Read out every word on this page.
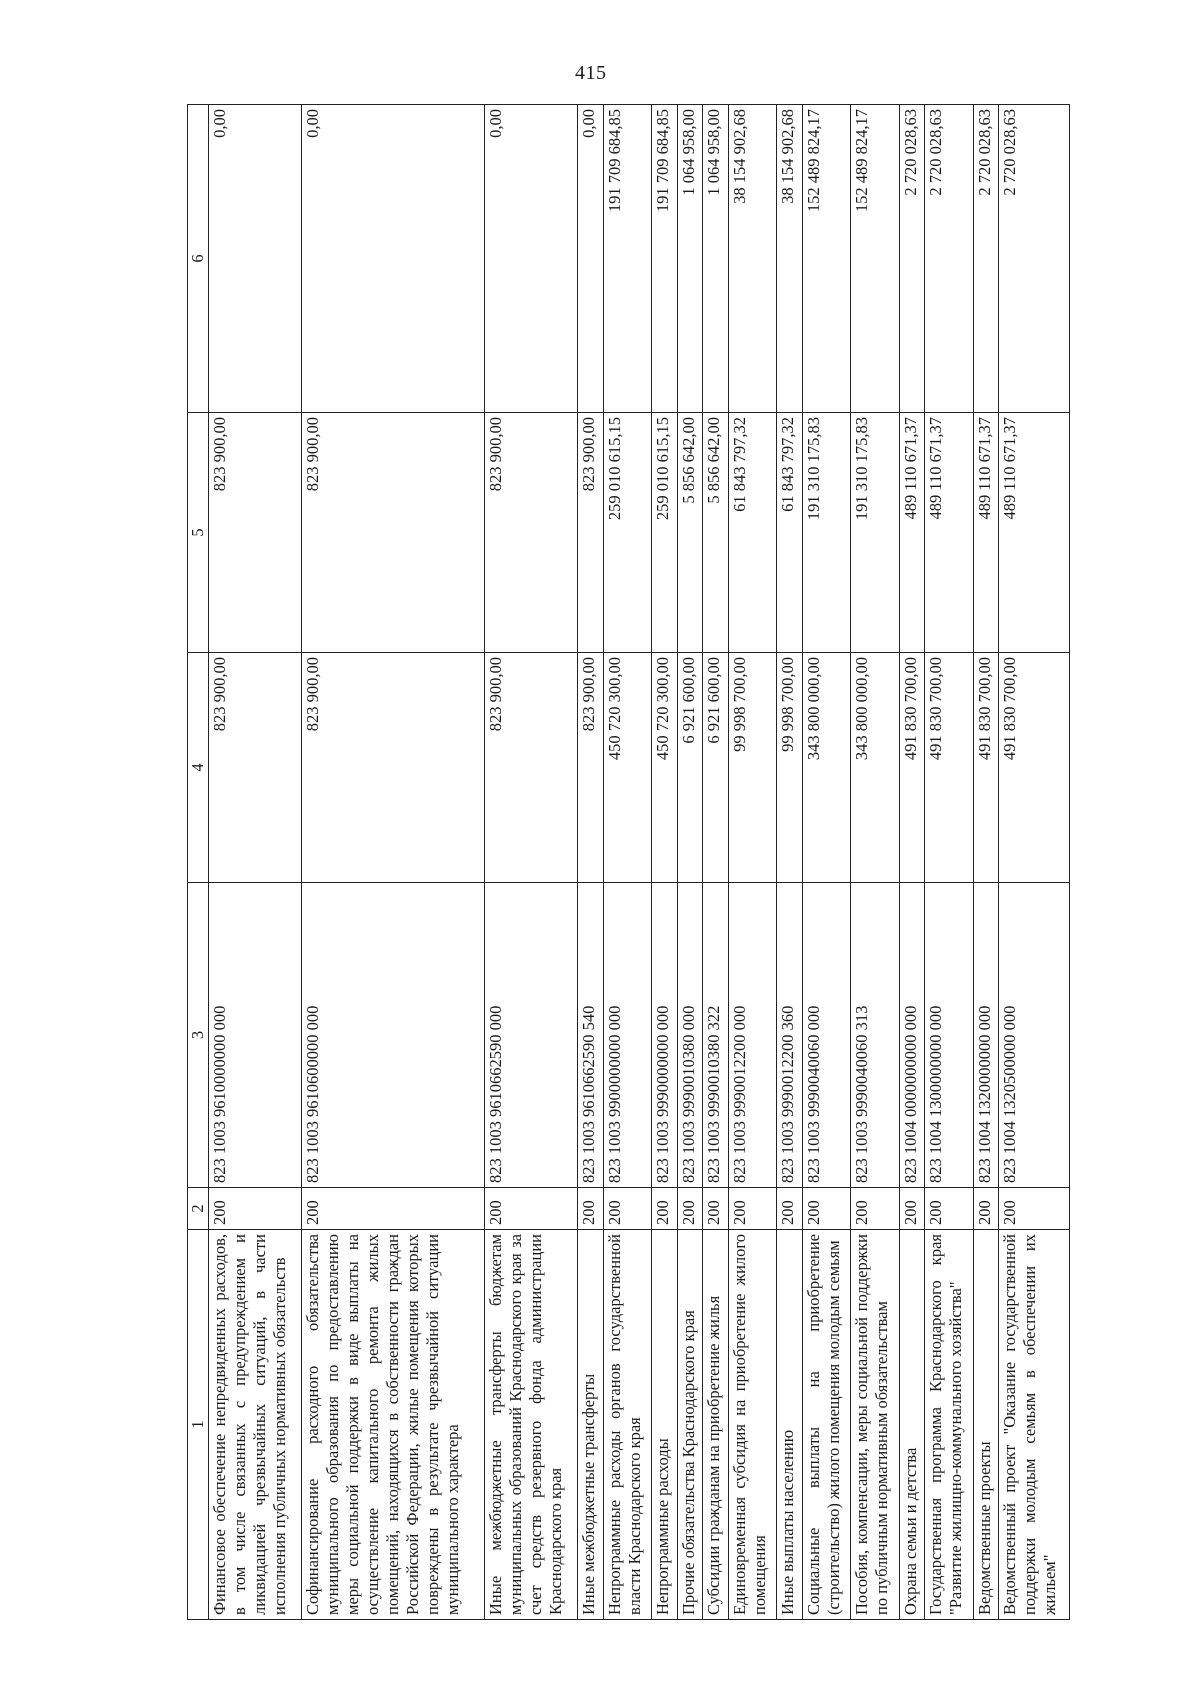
415
1	2	3	4	5	6
Финансовое обеспечение непредвиденных расходов, в том числе связанных с предупреждением и ликвидацией чрезвычайных ситуаций, в части исполнения публичных нормативных обязательств	200	823 1003 9610000000 000	823 900,00	823 900,00	0,00
Софинансирование расходного обязательства муниципального образования по предоставлению меры социальной поддержки в виде выплаты на осуществление капитального ремонта жилых помещений, находящихся в собственности граждан Российской Федерации, жилые помещения которых повреждены в результате чрезвычайной ситуации муниципального характера	200	823 1003 9610600000 000	823 900,00	823 900,00	0,00
Иные межбюджетные трансферты бюджетам муниципальных образований Краснодарского края за счет средств резервного фонда администрации Краснодарского края	200	823 1003 9610662590 000	823 900,00	823 900,00	0,00
Иные межбюджетные трансферты	200	823 1003 9610662590 540	823 900,00	823 900,00	0,00
Непрограммные расходы органов государственной власти Краснодарского края	200	823 1003 9900000000 000	450 720 300,00	259 010 615,15	191 709 684,85
Непрограммные расходы	200	823 1003 9990000000 000	450 720 300,00	259 010 615,15	191 709 684,85
Прочие обязательства Краснодарского края	200	823 1003 9990010380 000	6 921 600,00	5 856 642,00	1 064 958,00
Субсидии гражданам на приобретение жилья	200	823 1003 9990010380 322	6 921 600,00	5 856 642,00	1 064 958,00
Единовременная субсидия на приобретение жилого помещения	200	823 1003 9990012200 000	99 998 700,00	61 843 797,32	38 154 902,68
Иные выплаты населению	200	823 1003 9990012200 360	99 998 700,00	61 843 797,32	38 154 902,68
Социальные выплаты на приобретение (строительство) жилого помещения молодым семьям	200	823 1003 9990040060 000	343 800 000,00	191 310 175,83	152 489 824,17
Пособия, компенсации, меры социальной поддержки по публичным нормативным обязательствам	200	823 1003 9990040060 313	343 800 000,00	191 310 175,83	152 489 824,17
Охрана семьи и детства	200	823 1004 0000000000 000	491 830 700,00	489 110 671,37	2 720 028,63
Государственная программа Краснодарского края "Развитие жилищно-коммунального хозяйства"	200	823 1004 1300000000 000	491 830 700,00	489 110 671,37	2 720 028,63
Ведомственные проекты	200	823 1004 1320000000 000	491 830 700,00	489 110 671,37	2 720 028,63
Ведомственный проект "Оказание государственной поддержки молодым семьям в обеспечении их жильем"	200	823 1004 1320500000 000	491 830 700,00	489 110 671,37	2 720 028,63
